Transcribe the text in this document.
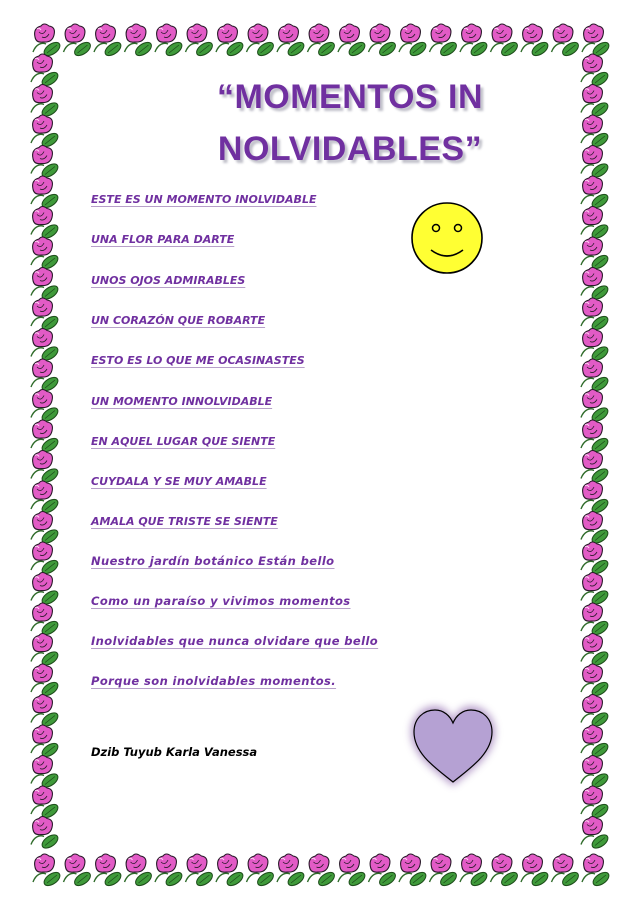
“MOMENTOS IN
NOLVIDABLES”
ESTE ES UN MOMENTO INOLVIDABLE
UNA FLOR PARA DARTE
UNOS OJOS ADMIRABLES
UN CORAZÓN QUE ROBARTE
ESTO ES LO QUE ME OCASINASTES
UN MOMENTO INNOLVIDABLE
EN AQUEL LUGAR QUE SIENTE
CUYDALA Y SE MUY AMABLE
AMALA QUE TRISTE SE SIENTE
Nuestro jardín botánico Están bello
Como un paraíso y vivimos momentos
Inolvidables que nunca olvidare que bello
Porque son inolvidables momentos.
Dzib Tuyub Karla Vanessa
